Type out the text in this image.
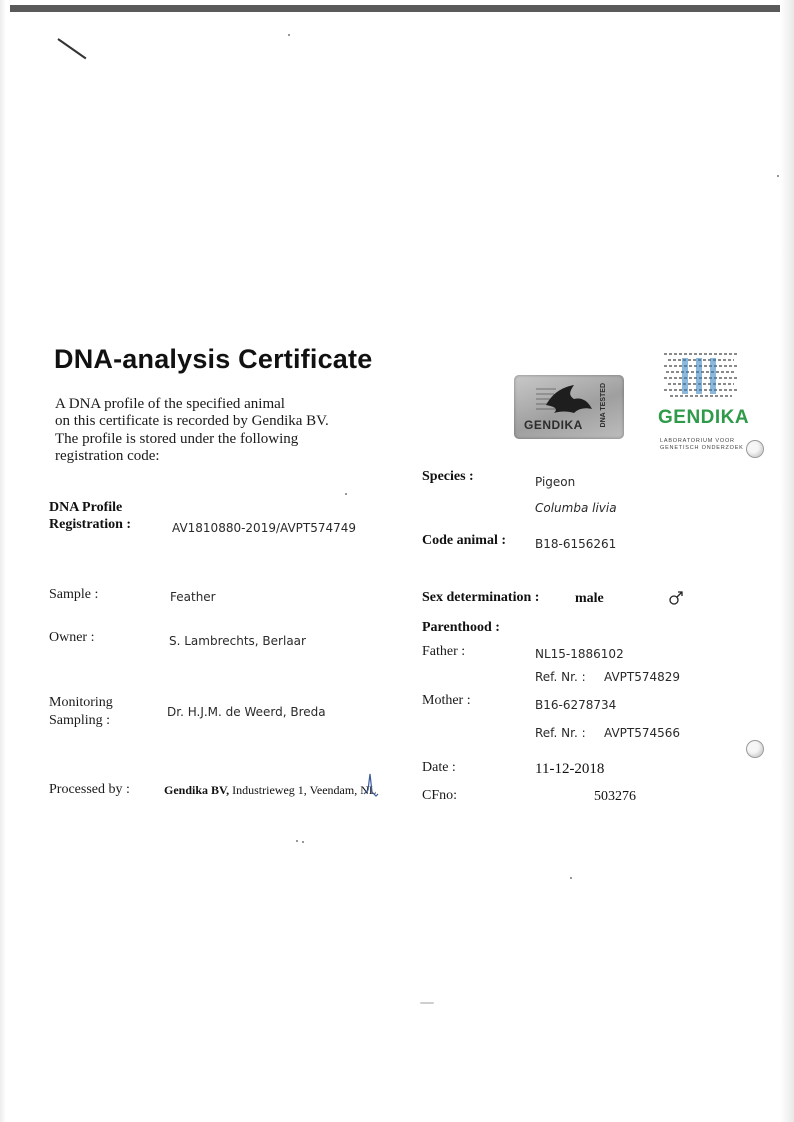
DNA-analysis Certificate
A DNA profile of the specified animal
on this certificate is recorded by Gendika BV.
The profile is stored under the following
registration code:
GENDIKA DNA TESTED	GENDIKA
LABORATORIUM VOOR
GENETISCH ONDERZOEK
DNA Profile
Registration :	AV1810880-2019/AVPT574749
Sample :	Feather
Owner :	S. Lambrechts, Berlaar
Monitoring
Sampling :
Dr. H.J.M. de Weerd, Breda
Processed by :	Gendika BV, Industrieweg 1, Veendam, NL
Species :	Pigeon
Columba livia
Code animal : B18-6156261
Sex determination :	male
Parenthood :
Father :	NL15-1886102
Ref. Nr. : AVPT574829
Mother :	B16-6278734
Ref. Nr. : AVPT574566
Date :	11-12-2018
CFno:	503276
